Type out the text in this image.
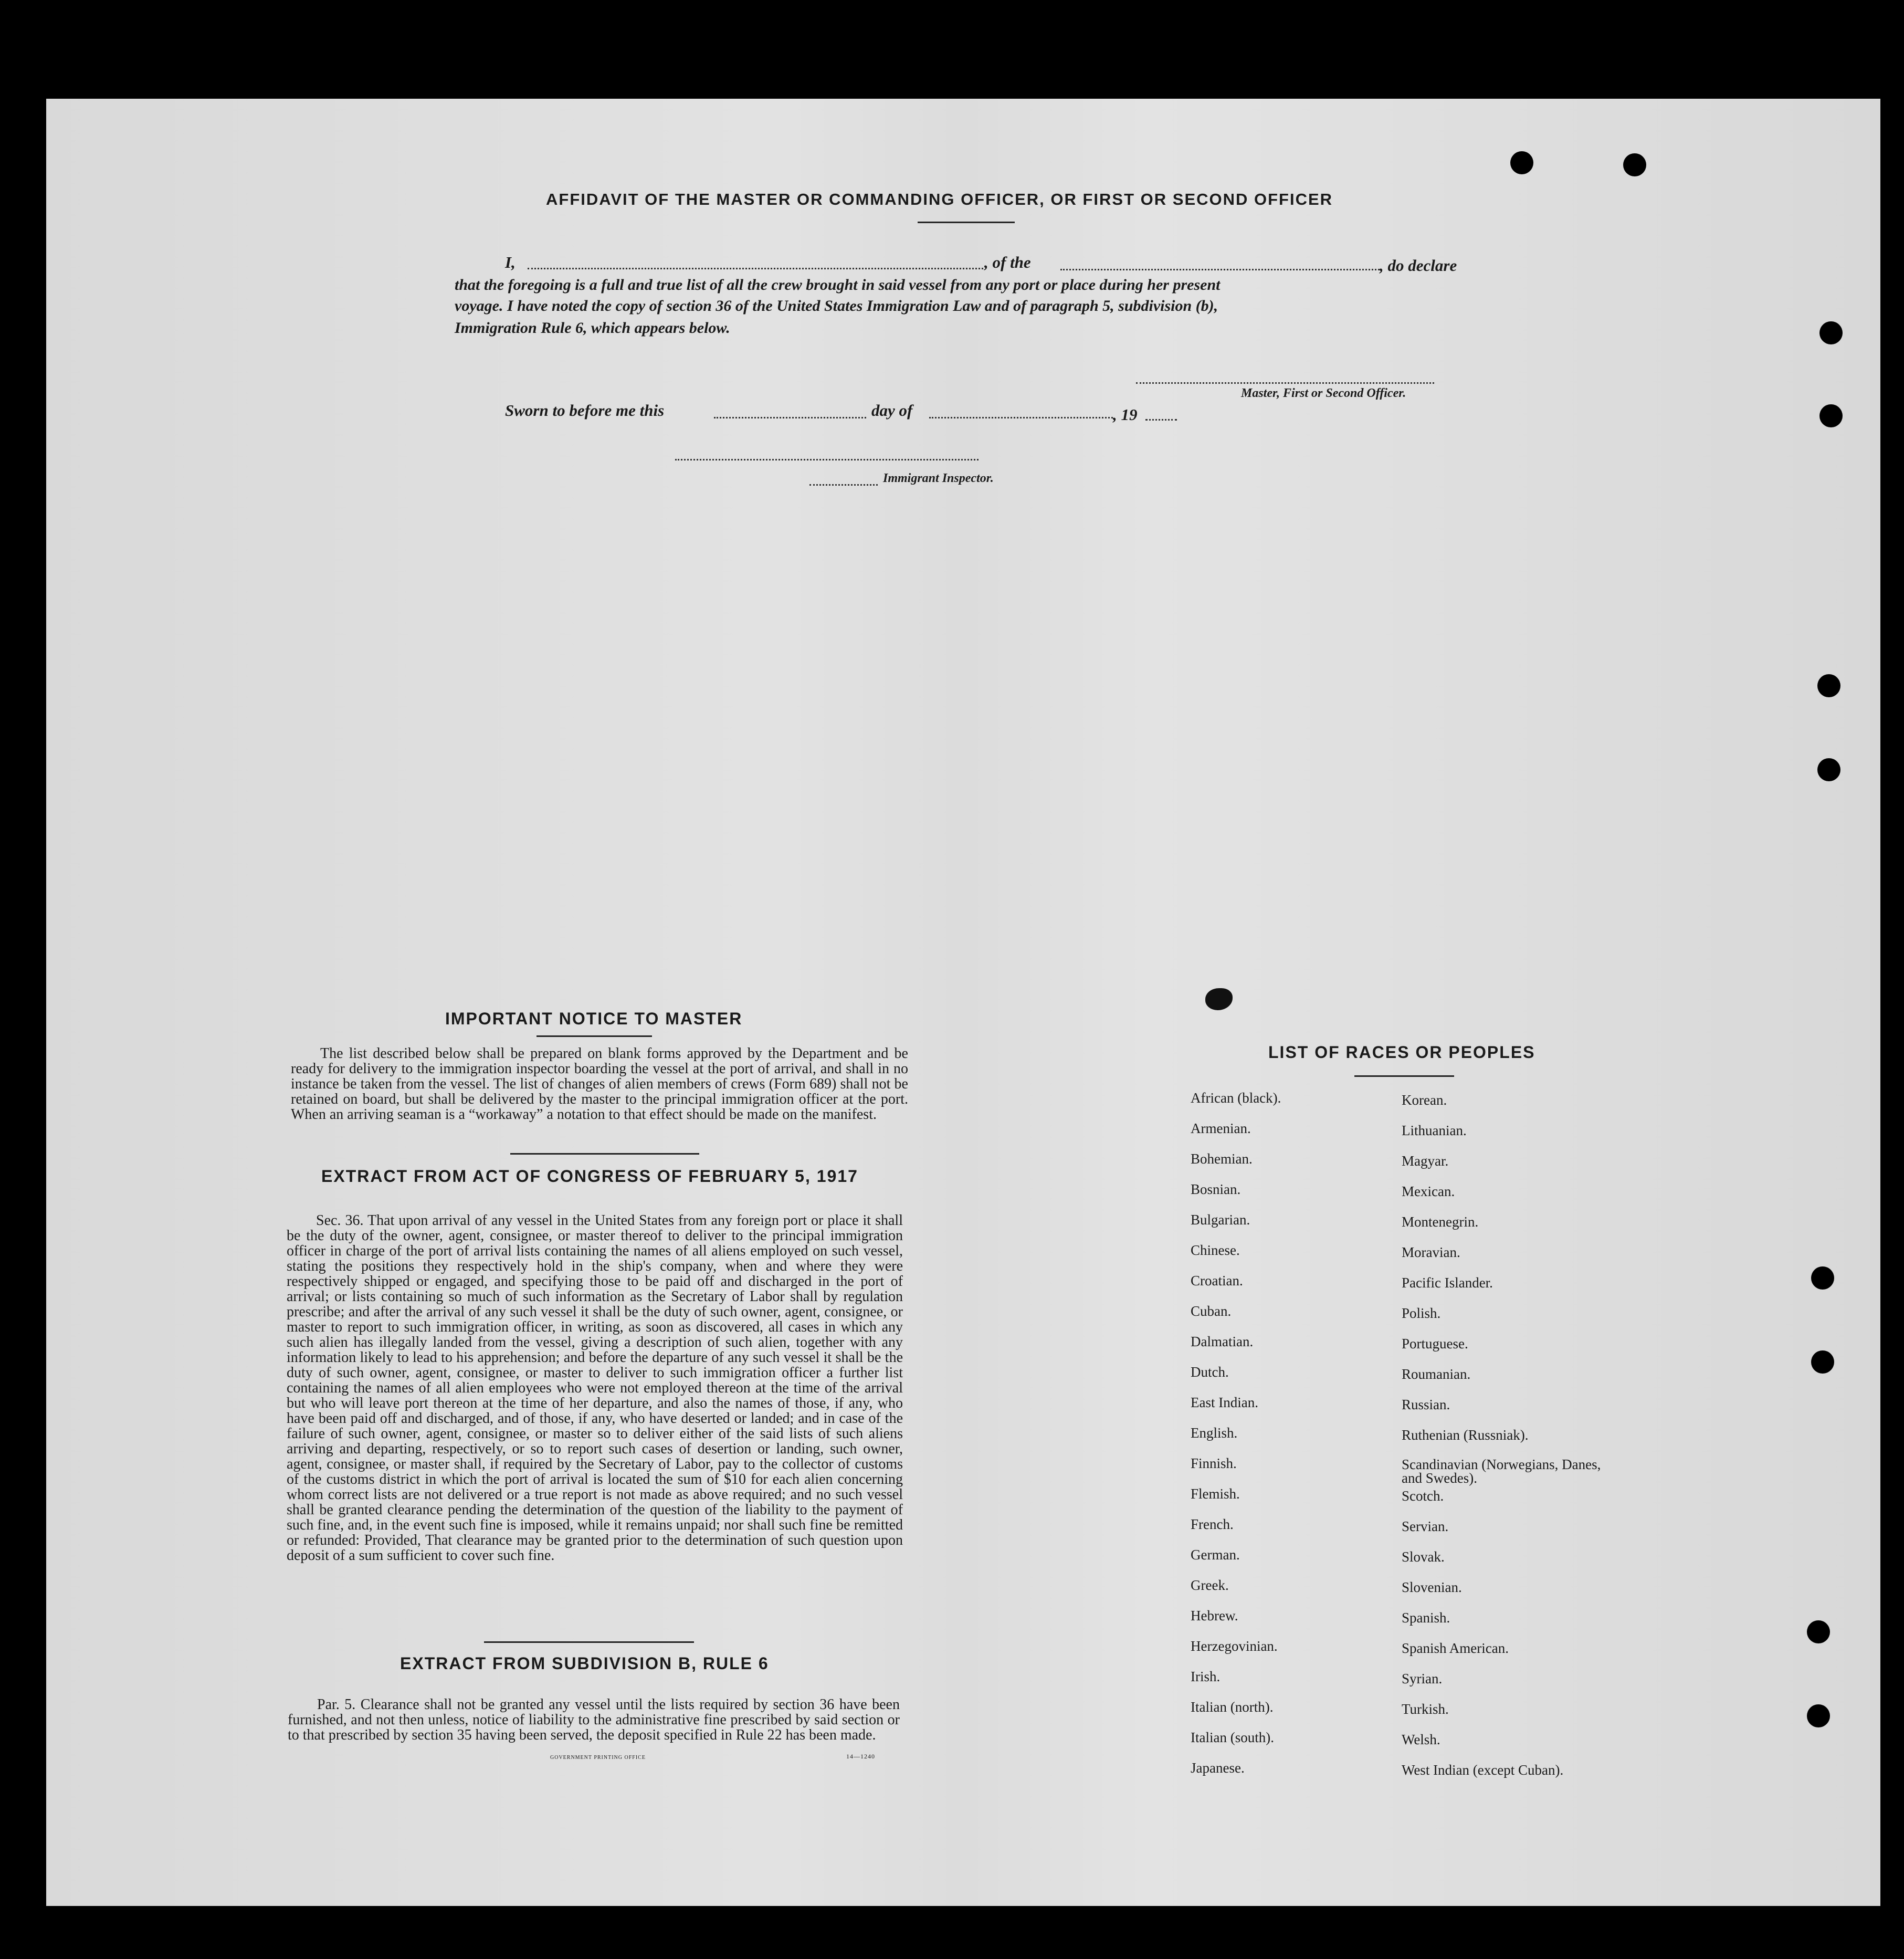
AFFIDAVIT OF THE MASTER OR COMMANDING OFFICER, OR FIRST OR SECOND OFFICER
I,	, of the	, do declare
that the foregoing is a full and true list of all the crew brought in said vessel from any port or place during her present
voyage. I have noted the copy of section 36 of the United States Immigration Law and of paragraph 5, subdivision (b),
Immigration Rule 6, which appears below.
Master, First or Second Officer.
Sworn to before me this	day of	, 19
Immigrant Inspector.
IMPORTANT NOTICE TO MASTER

The list described below shall be prepared on blank forms approved by the Department and be ready for delivery to the immigration inspector boarding the vessel at the port of arrival, and shall in no instance be taken from the vessel. The list of changes of alien members of crews (Form 689) shall not be retained on board, but shall be delivered by the master to the principal immigration officer at the port. When an arriving seaman is a “workaway” a notation to that effect should be made on the manifest.

EXTRACT FROM ACT OF CONGRESS OF FEBRUARY 5, 1917

Sec. 36. That upon arrival of any vessel in the United States from any foreign port or place it shall be the duty of the owner, agent, consignee, or master thereof to deliver to the principal immigration officer in charge of the port of arrival lists containing the names of all aliens employed on such vessel, stating the positions they respectively hold in the ship's company, when and where they were respectively shipped or engaged, and specifying those to be paid off and discharged in the port of arrival; or lists containing so much of such information as the Secretary of Labor shall by regulation prescribe; and after the arrival of any such vessel it shall be the duty of such owner, agent, consignee, or master to report to such immigration officer, in writing, as soon as discovered, all cases in which any such alien has illegally landed from the vessel, giving a description of such alien, together with any information likely to lead to his apprehension; and before the departure of any such vessel it shall be the duty of such owner, agent, consignee, or master to deliver to such immigration officer a further list containing the names of all alien employees who were not employed thereon at the time of the arrival but who will leave port thereon at the time of her departure, and also the names of those, if any, who have been paid off and discharged, and of those, if any, who have deserted or landed; and in case of the failure of such owner, agent, consignee, or master so to deliver either of the said lists of such aliens arriving and departing, respectively, or so to report such cases of desertion or landing, such owner, agent, consignee, or master shall, if required by the Secretary of Labor, pay to the collector of customs of the customs district in which the port of arrival is located the sum of $10 for each alien concerning whom correct lists are not delivered or a true report is not made as above required; and no such vessel shall be granted clearance pending the determination of the question of the liability to the payment of such fine, and, in the event such fine is imposed, while it remains unpaid; nor shall such fine be remitted or refunded: Provided, That clearance may be granted prior to the determination of such question upon deposit of a sum sufficient to cover such fine.

EXTRACT FROM SUBDIVISION B, RULE 6

Par. 5. Clearance shall not be granted any vessel until the lists required by section 36 have been furnished, and not then unless, notice of liability to the administrative fine prescribed by said section or to that prescribed by section 35 having been served, the deposit specified in Rule 22 has been made.

GOVERNMENT PRINTING OFFICE	14—1240
LIST OF RACES OR PEOPLES
African (black).
Armenian.
Bohemian.
Bosnian.
Bulgarian.
Chinese.
Croatian.
Cuban.
Dalmatian.
Dutch.
East Indian.
English.
Finnish.
Flemish.
French.
German.
Greek.
Hebrew.
Herzegovinian.
Irish.
Italian (north).
Italian (south).
Japanese.
Korean.
Lithuanian.
Magyar.
Mexican.
Montenegrin.
Moravian.
Pacific Islander.
Polish.
Portuguese.
Roumanian.
Russian.
Ruthenian (Russniak).
Scandinavian (Norwegians, Danes, and Swedes).
Scotch.
Servian.
Slovak.
Slovenian.
Spanish.
Spanish American.
Syrian.
Turkish.
Welsh.
West Indian (except Cuban).
